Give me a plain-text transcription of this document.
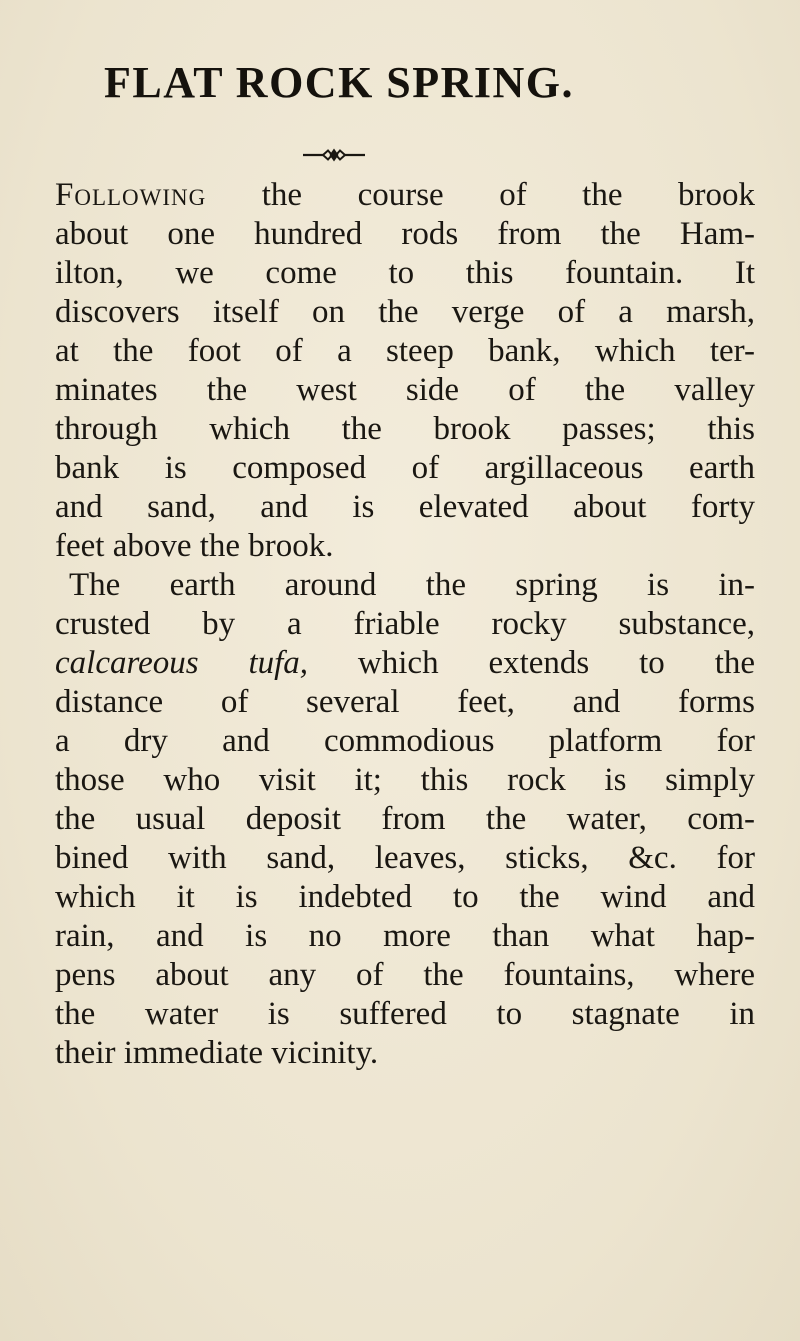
FLAT ROCK SPRING.
Following the course of the brook
about one hundred rods from the Ham-
ilton, we come to this fountain. It
discovers itself on the verge of a marsh,
at the foot of a steep bank, which ter-
minates the west side of the valley
through which the brook passes; this
bank is composed of argillaceous earth
and sand, and is elevated about forty
feet above the brook.
The earth around the spring is in-
crusted by a friable rocky substance,
calcareous tufa, which extends to the
distance of several feet, and forms
a dry and commodious platform for
those who visit it; this rock is simply
the usual deposit from the water, com-
bined with sand, leaves, sticks, &c. for
which it is indebted to the wind and
rain, and is no more than what hap-
pens about any of the fountains, where
the water is suffered to stagnate in
their immediate vicinity.
